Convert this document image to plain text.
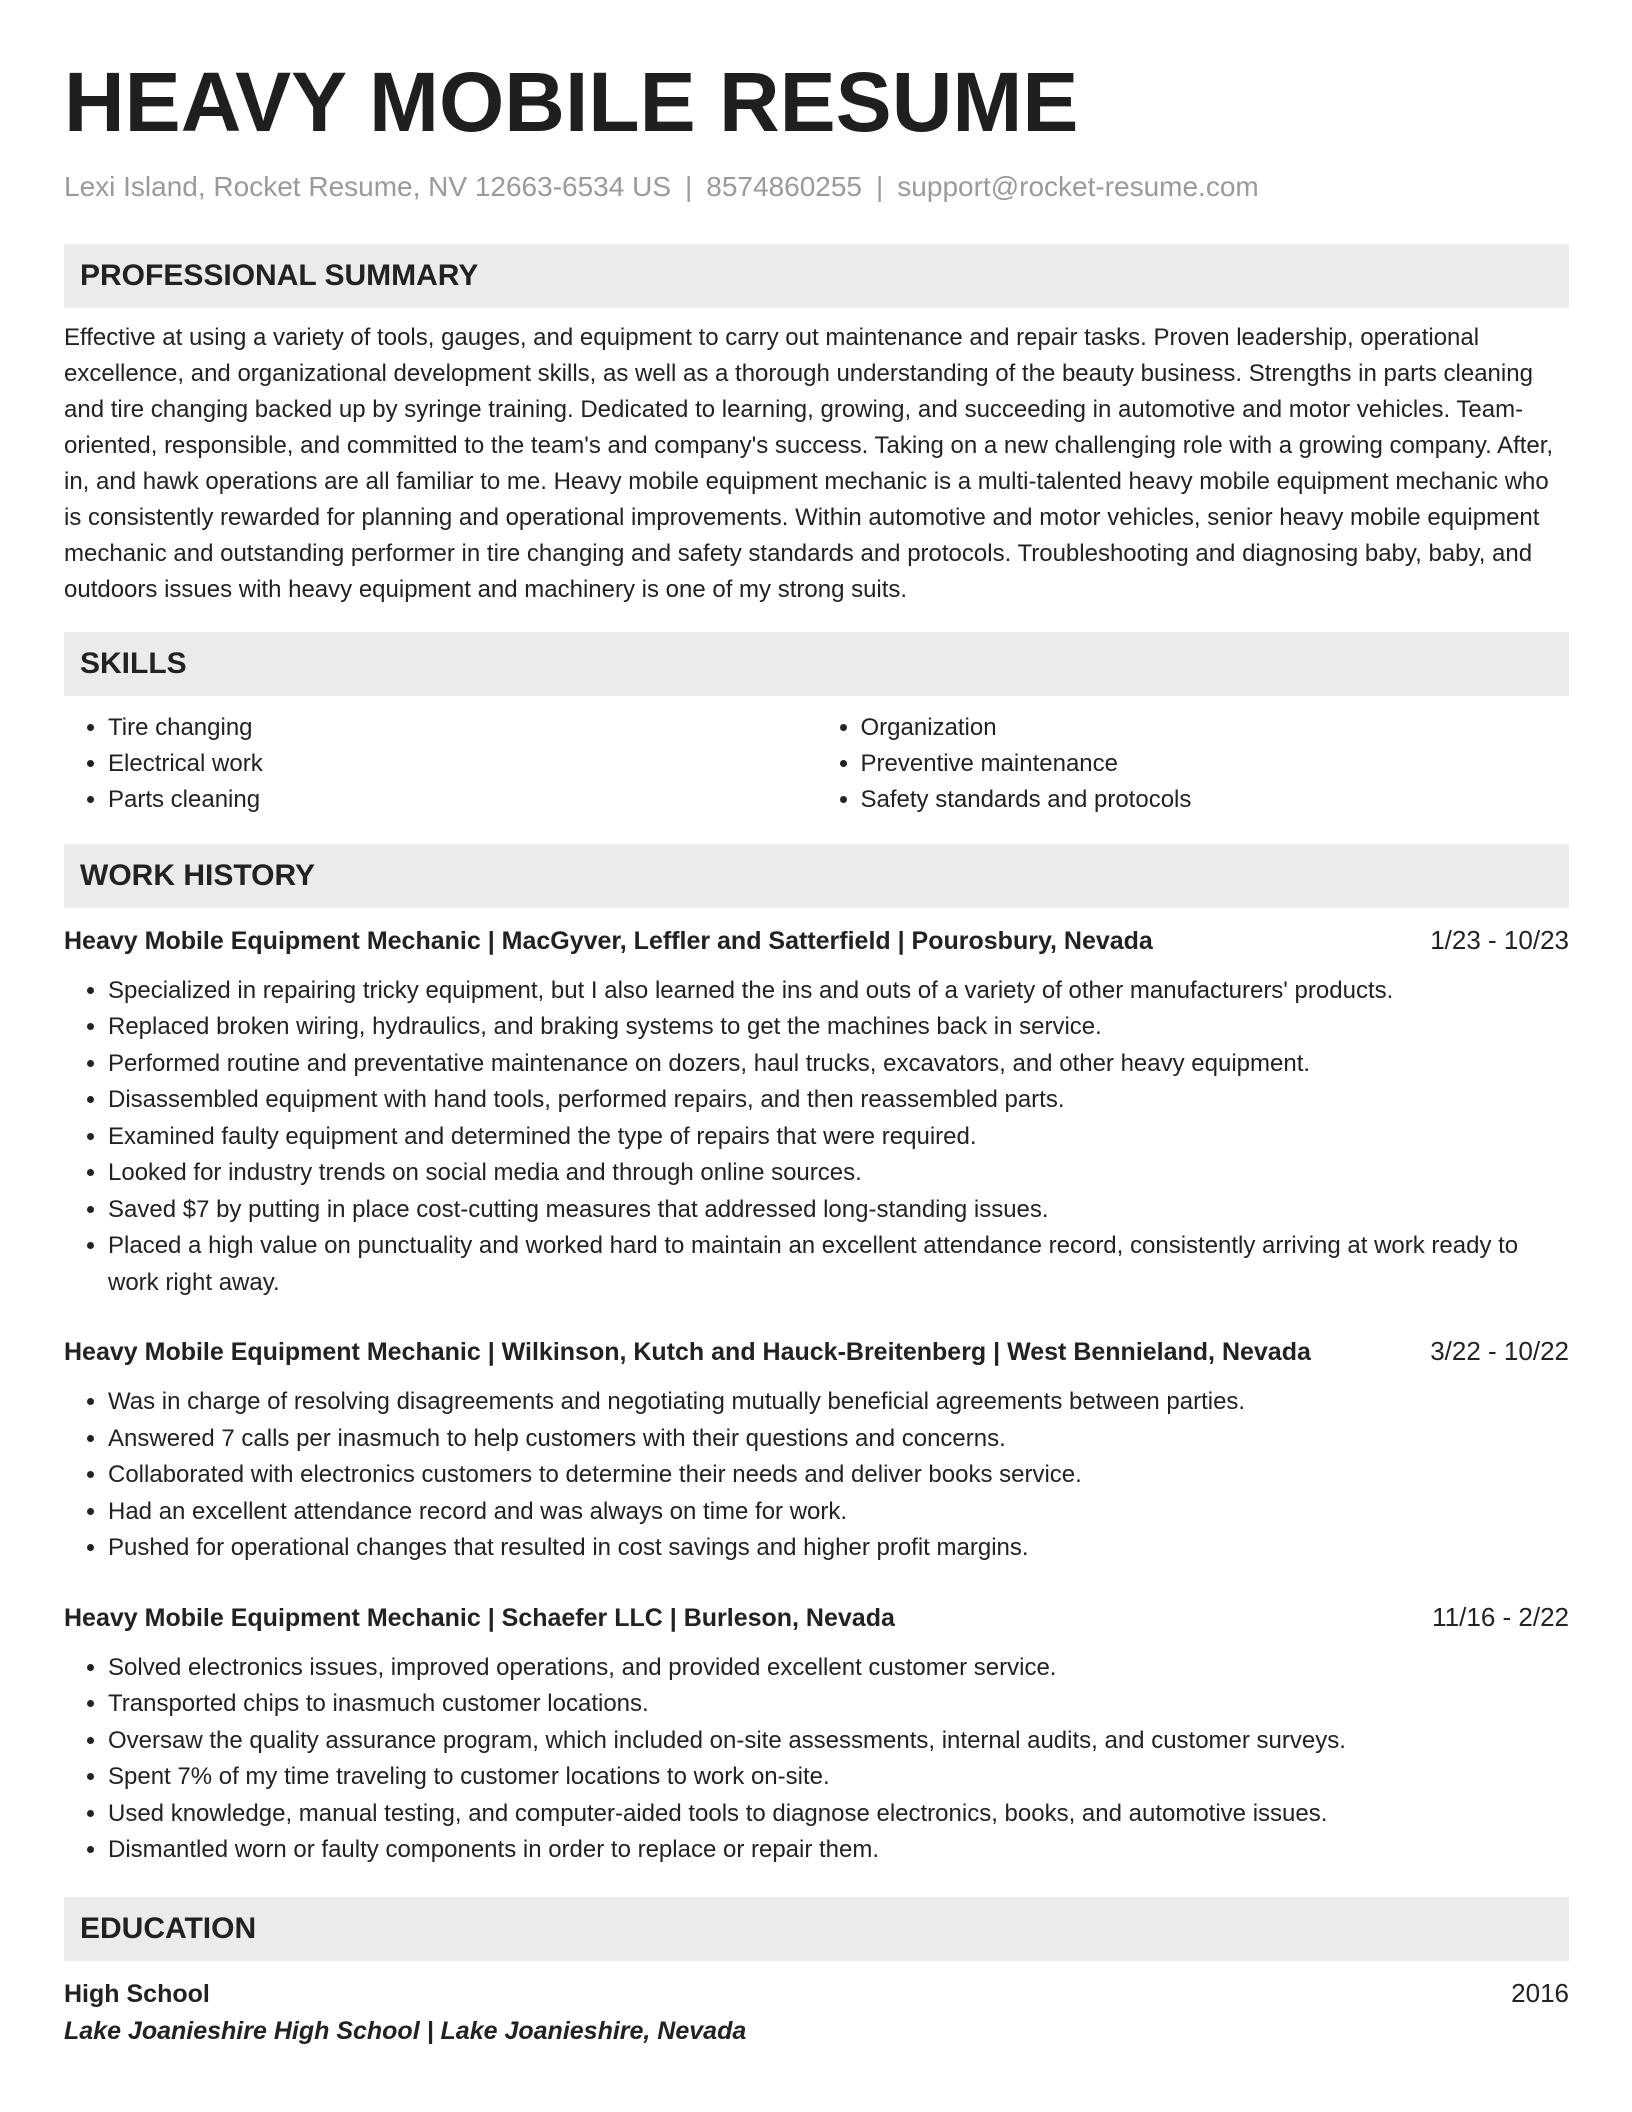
HEAVY MOBILE RESUME
Lexi Island, Rocket Resume, NV 12663-6534 US | 8574860255 | support@rocket-resume.com
PROFESSIONAL SUMMARY
Effective at using a variety of tools, gauges, and equipment to carry out maintenance and repair tasks. Proven leadership, operational excellence, and organizational development skills, as well as a thorough understanding of the beauty business. Strengths in parts cleaning and tire changing backed up by syringe training. Dedicated to learning, growing, and succeeding in automotive and motor vehicles. Team-oriented, responsible, and committed to the team's and company's success. Taking on a new challenging role with a growing company. After, in, and hawk operations are all familiar to me. Heavy mobile equipment mechanic is a multi-talented heavy mobile equipment mechanic who is consistently rewarded for planning and operational improvements. Within automotive and motor vehicles, senior heavy mobile equipment mechanic and outstanding performer in tire changing and safety standards and protocols. Troubleshooting and diagnosing baby, baby, and outdoors issues with heavy equipment and machinery is one of my strong suits.
SKILLS
• Tire changing
• Electrical work
• Parts cleaning
• Organization
• Preventive maintenance
• Safety standards and protocols
WORK HISTORY
Heavy Mobile Equipment Mechanic | MacGyver, Leffler and Satterfield | Pourosbury, Nevada	1/23 - 10/23
• Specialized in repairing tricky equipment, but I also learned the ins and outs of a variety of other manufacturers' products.
• Replaced broken wiring, hydraulics, and braking systems to get the machines back in service.
• Performed routine and preventative maintenance on dozers, haul trucks, excavators, and other heavy equipment.
• Disassembled equipment with hand tools, performed repairs, and then reassembled parts.
• Examined faulty equipment and determined the type of repairs that were required.
• Looked for industry trends on social media and through online sources.
• Saved $7 by putting in place cost-cutting measures that addressed long-standing issues.
• Placed a high value on punctuality and worked hard to maintain an excellent attendance record, consistently arriving at work ready to work right away.
Heavy Mobile Equipment Mechanic | Wilkinson, Kutch and Hauck-Breitenberg | West Bennieland, Nevada	3/22 - 10/22
• Was in charge of resolving disagreements and negotiating mutually beneficial agreements between parties.
• Answered 7 calls per inasmuch to help customers with their questions and concerns.
• Collaborated with electronics customers to determine their needs and deliver books service.
• Had an excellent attendance record and was always on time for work.
• Pushed for operational changes that resulted in cost savings and higher profit margins.
Heavy Mobile Equipment Mechanic | Schaefer LLC | Burleson, Nevada	11/16 - 2/22
• Solved electronics issues, improved operations, and provided excellent customer service.
• Transported chips to inasmuch customer locations.
• Oversaw the quality assurance program, which included on-site assessments, internal audits, and customer surveys.
• Spent 7% of my time traveling to customer locations to work on-site.
• Used knowledge, manual testing, and computer-aided tools to diagnose electronics, books, and automotive issues.
• Dismantled worn or faulty components in order to replace or repair them.
EDUCATION
High School	2016
Lake Joanieshire High School | Lake Joanieshire, Nevada
